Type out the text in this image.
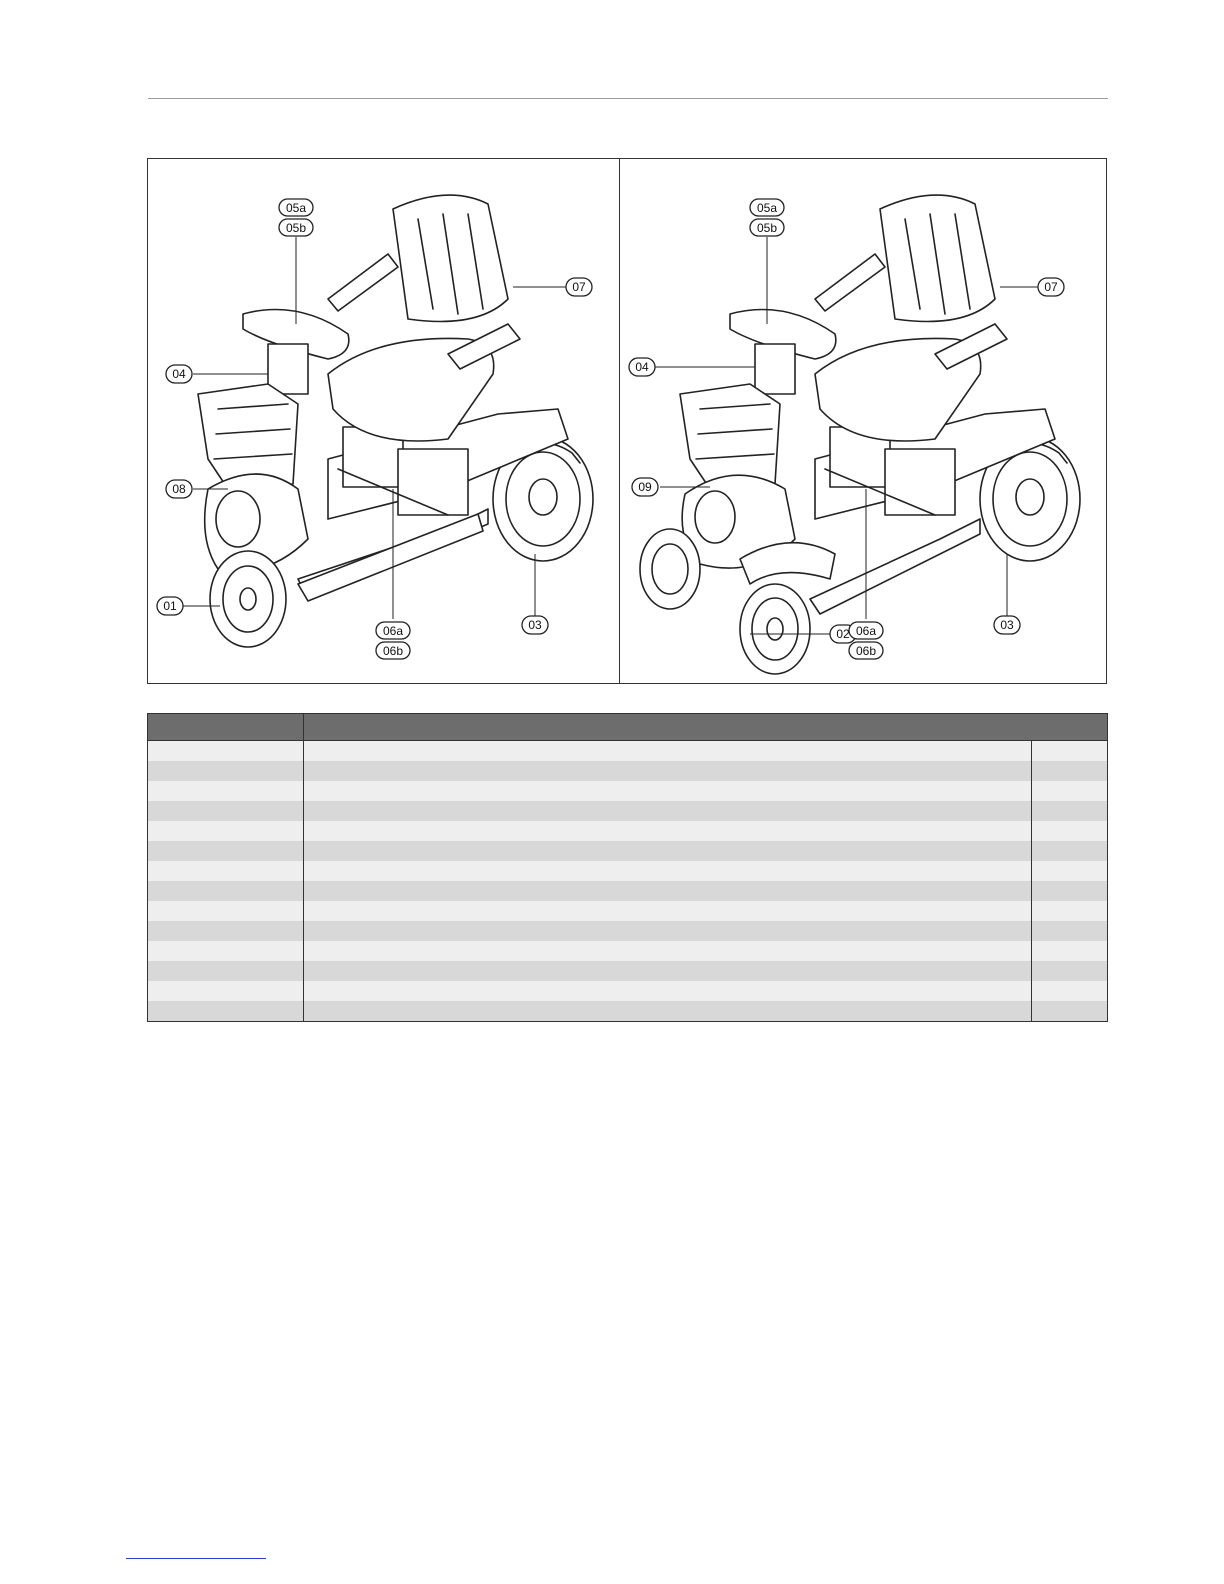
05a
05b
07
04
08
01
06a
06b
03
05a
05b
07
04
09
02 06a
06b
03
